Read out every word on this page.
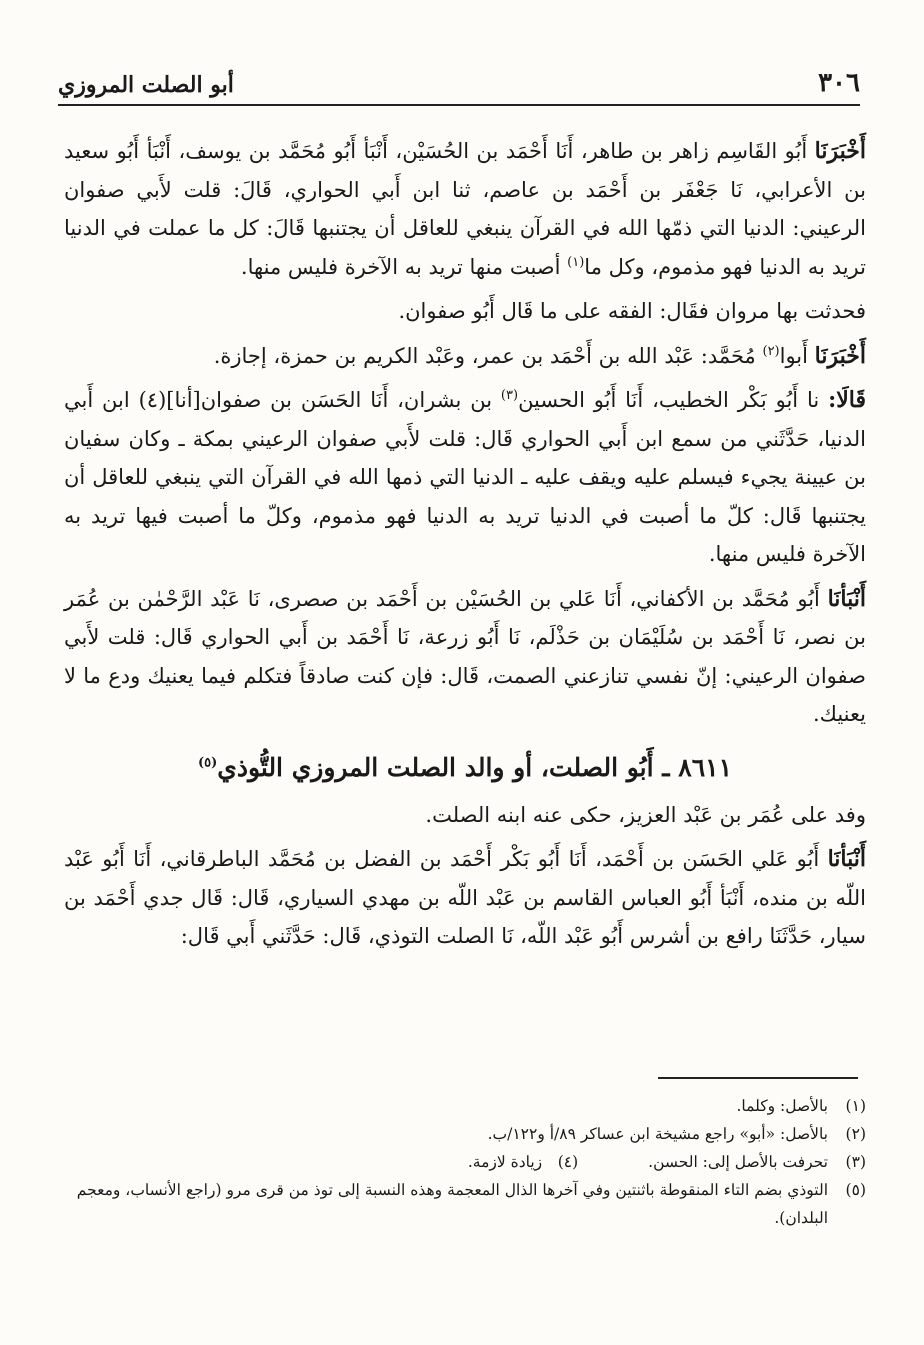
٣٠٦
أبو الصلت المروزي

أَخْبَرَنَا أَبُو القَاسِم زاهر بن طاهر، أَنَا أَحْمَد بن الحُسَيْن، أَنْبَأ أَبُو مُحَمَّد بن يوسف، أَنْبَأ أَبُو سعيد بن الأعرابي، نَا جَعْفَر بن أَحْمَد بن عاصم، ثنا ابن أَبي الحواري، قَالَ: قلت لأَبي صفوان الرعيني: الدنيا التي ذمّها الله في القرآن ينبغي للعاقل أن يجتنبها قَالَ: كل ما عملت في الدنيا تريد به الدنيا فهو مذموم، وكل ما$^{(١)}$ أصبت منها تريد به الآخرة فليس منها.

فحدثت بها مروان فقَال: الفقه على ما قَال أَبُو صفوان.

أَخْبَرَنَا أَبوا$^{(٢)}$ مُحَمَّد: عَبْد الله بن أَحْمَد بن عمر، وعَبْد الكريم بن حمزة، إجازة.

قَالَا: نا أَبُو بَكْر الخطيب، أَنَا أَبُو الحسين$^{(٣)}$ بن بشران، أَنَا الحَسَن بن صفوان[أنا](٤) ابن أَبي الدنيا، حَدَّثَني من سمع ابن أَبي الحواري قَال: قلت لأَبي صفوان الرعيني بمكة ـ وكان سفيان بن عيينة يجيء فيسلم عليه ويقف عليه ـ الدنيا التي ذمها الله في القرآن التي ينبغي للعاقل أن يجتنبها قَال: كلّ ما أصبت في الدنيا تريد به الدنيا فهو مذموم، وكلّ ما أصبت فيها تريد به الآخرة فليس منها.

أَنْبَأنَا أَبُو مُحَمَّد بن الأكفاني، أَنَا عَلي بن الحُسَيْن بن أَحْمَد بن صصرى، نَا عَبْد الرَّحْمٰن بن عُمَر بن نصر، نَا أَحْمَد بن سُلَيْمَان بن حَذْلَم، نَا أَبُو زرعة، نَا أَحْمَد بن أَبي الحواري قَال: قلت لأَبي صفوان الرعيني: إنّ نفسي تنازعني الصمت، قَال: فإن كنت صادقاً فتكلم فيما يعنيك ودع ما لا يعنيك.

٨٦١١ ـ أَبُو الصلت، أو والد الصلت المروزي التُّوذي$^{(٥)}$

وفد على عُمَر بن عَبْد العزيز، حكى عنه ابنه الصلت.

أَنْبَأنَا أَبُو عَلي الحَسَن بن أَحْمَد، أَنَا أَبُو بَكْر أَحْمَد بن الفضل بن مُحَمَّد الباطرقاني، أَنَا أَبُو عَبْد اللّه بن منده، أَنْبَأ أَبُو العباس القاسم بن عَبْد اللّه بن مهدي السياري، قَال: قَال جدي أَحْمَد بن سيار، حَدَّثَنَا رافع بن أشرس أَبُو عَبْد اللّه، نَا الصلت التوذي، قَال: حَدَّثَني أَبي قَال:

(١)
بالأصل: وكلما.
(٢)
بالأصل: «أبو» راجع مشيخة ابن عساكر ٨٩/أ و١٢٢/ب.
(٣)
تحرفت بالأصل إلى: الحسن.
(٤)
زيادة لازمة.
(٥)
التوذي بضم التاء المنقوطة باثنتين وفي آخرها الذال المعجمة وهذه النسبة إلى توذ من قرى مرو (راجع الأنساب، ومعجم البلدان).
